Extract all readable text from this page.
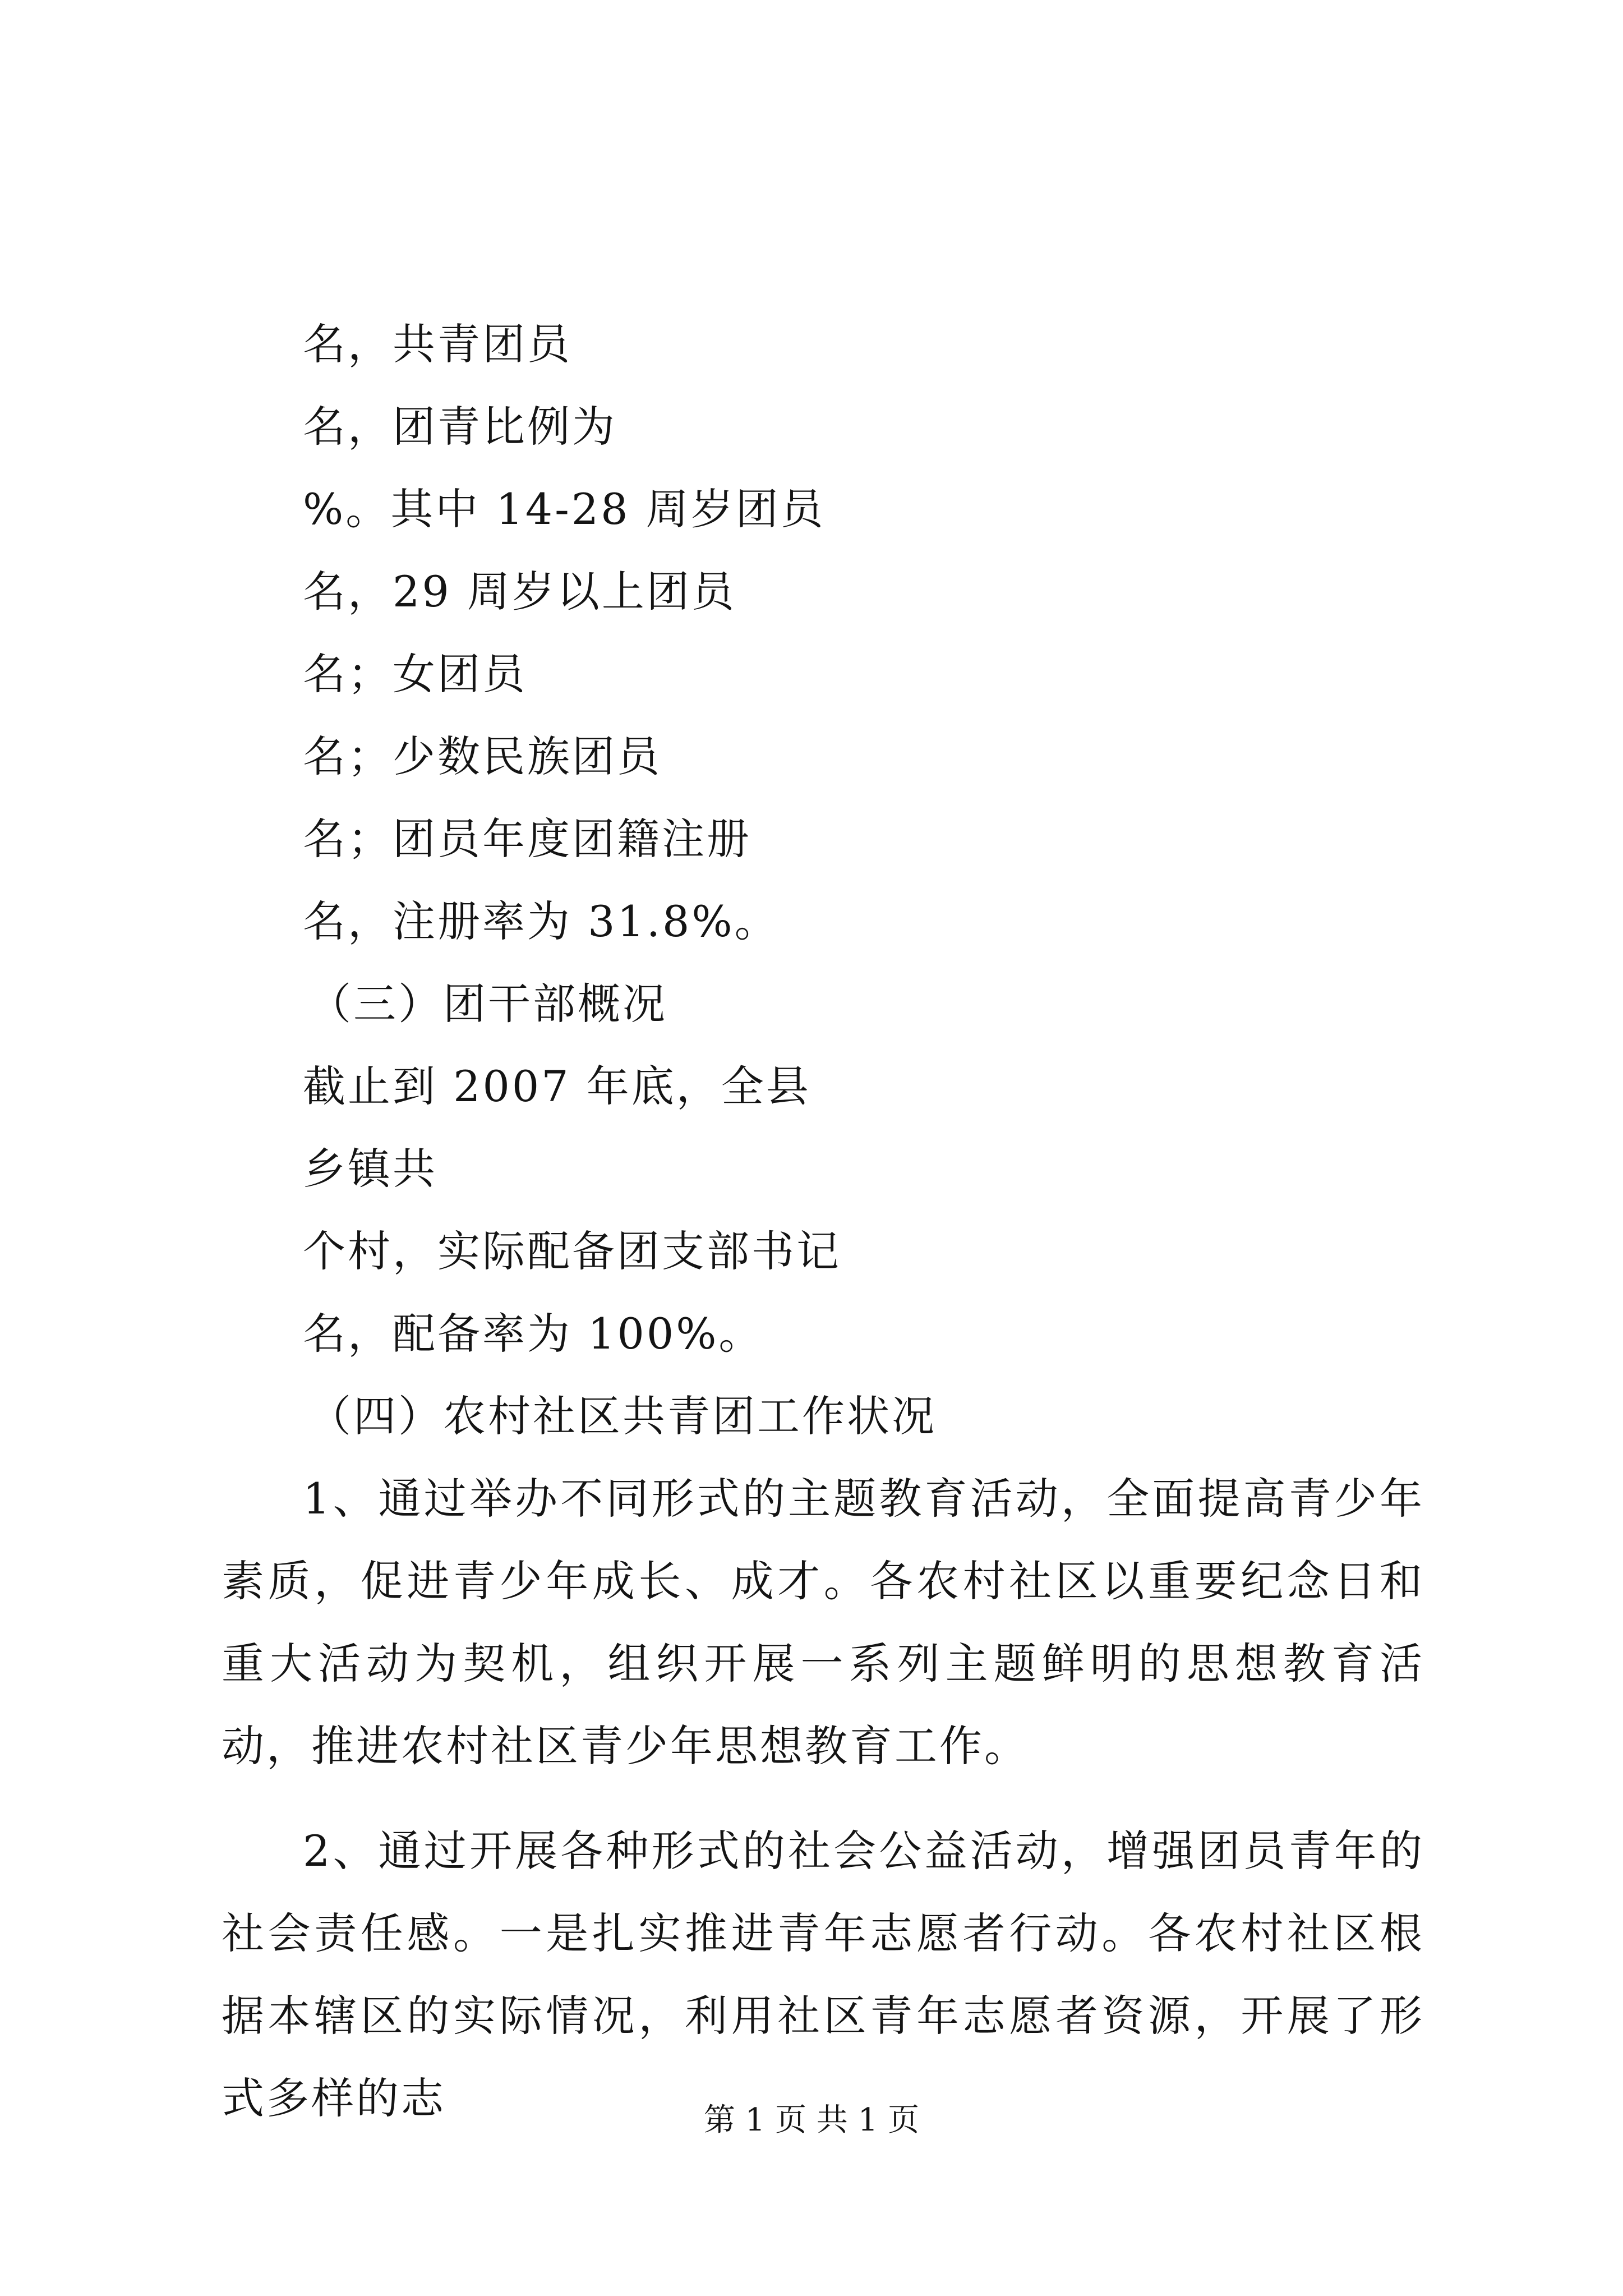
名，共青团员

名，团青比例为

%。其中 14-28 周岁团员

名，29 周岁以上团员

名；女团员

名；少数民族团员

名；团员年度团籍注册

名，注册率为 31.8%。

（三）团干部概况

截止到 2007 年底，全县

乡镇共

个村，实际配备团支部书记

名，配备率为 100%。

（四）农村社区共青团工作状况

1、通过举办不同形式的主题教育活动，全面提高青少年素质，促进青少年成长、成才。各农村社区以重要纪念日和重大活动为契机，组织开展一系列主题鲜明的思想教育活动，推进农村社区青少年思想教育工作。

2、通过开展各种形式的社会公益活动，增强团员青年的社会责任感。一是扎实推进青年志愿者行动。各农村社区根据本辖区的实际情况，利用社区青年志愿者资源，开展了形式多样的志	第 1 页 共 1 页
